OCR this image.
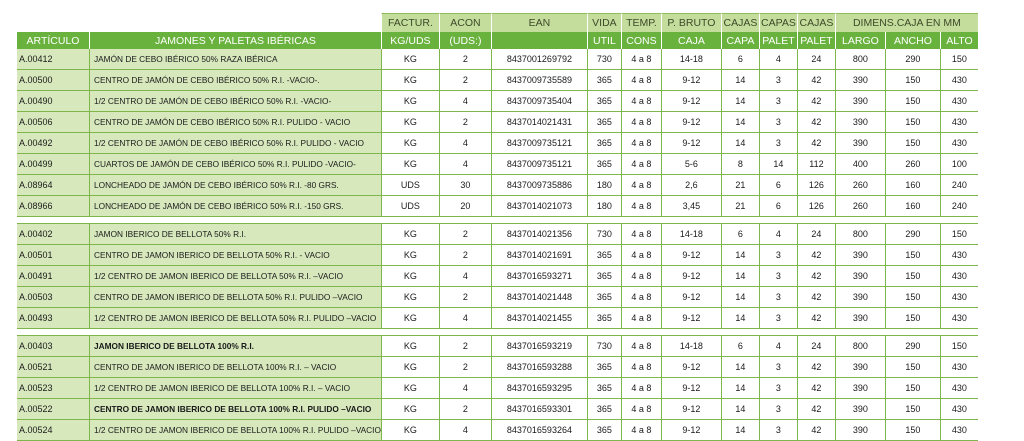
		FACTUR.	ACON	EAN	VIDA	TEMP.	P. BRUTO	CAJAS	CAPAS	CAJAS	DIMENS.CAJA EN MM		
ARTÍCULO	JAMONES Y PALETAS IBÉRICAS	KG/UDS	(UDS:)		UTIL	CONS	CAJA	CAPA	PALET	PALET	LARGO	ANCHO	ALTO
A.00412	JAMÓN DE CEBO IBÉRICO 50% RAZA IBÉRICA	KG	2	8437001269792	730	4 a 8	14-18	6	4	24	800	290	150
A.00500	CENTRO DE JAMÓN DE CEBO IBÉRICO 50% R.I. -VACIO-.	KG	2	8437009735589	365	4 a 8	9-12	14	3	42	390	150	430
A.00490	1/2 CENTRO DE JAMÓN DE CEBO IBÉRICO 50% R.I. -VACIO-	KG	4	8437009735404	365	4 a 8	9-12	14	3	42	390	150	430
A.00506	CENTRO DE JAMÓN DE CEBO IBÉRICO 50% R.I. PULIDO - VACIO	KG	2	8437014021431	365	4 a 8	9-12	14	3	42	390	150	430
A.00492	1/2 CENTRO DE JAMÓN DE CEBO IBÉRICO 50% R.I. PULIDO - VACIO	KG	4	8437009735121	365	4 a 8	9-12	14	3	42	390	150	430
A.00499	CUARTOS DE JAMÓN DE CEBO IBÉRICO 50% R.I. PULIDO -VACIO-	KG	4	8437009735121	365	4 a 8	5-6	8	14	112	400	260	100
A.08964	LONCHEADO DE JAMÓN DE CEBO IBÉRICO 50% R.I. -80 GRS.	UDS	30	8437009735886	180	4 a 8	2,6	21	6	126	260	160	240
A.08966	LONCHEADO DE JAMÓN DE CEBO IBÉRICO 50% R.I. -150 GRS.	UDS	20	8437014021073	180	4 a 8	3,45	21	6	126	260	160	240

A.00402	JAMON IBERICO DE BELLOTA 50% R.I.	KG	2	8437014021356	730	4 a 8	14-18	6	4	24	800	290	150
A.00501	CENTRO DE JAMON IBERICO DE BELLOTA 50% R.I. - VACIO	KG	2	8437014021691	365	4 a 8	9-12	14	3	42	390	150	430
A.00491	1/2 CENTRO DE JAMON IBERICO DE BELLOTA 50% R.I. –VACIO	KG	4	8437016593271	365	4 a 8	9-12	14	3	42	390	150	430
A.00503	CENTRO DE JAMON IBERICO DE BELLOTA 50% R.I. PULIDO –VACIO	KG	2	8437014021448	365	4 a 8	9-12	14	3	42	390	150	430
A.00493	1/2 CENTRO DE JAMON IBERICO DE BELLOTA 50% R.I. PULIDO –VACIO	KG	4	8437014021455	365	4 a 8	9-12	14	3	42	390	150	430

A.00403	JAMON IBERICO DE BELLOTA 100% R.I.	KG	2	8437016593219	730	4 a 8	14-18	6	4	24	800	290	150
A.00521	CENTRO DE JAMON IBERICO DE BELLOTA 100% R.I. – VACIO	KG	2	8437016593288	365	4 a 8	9-12	14	3	42	390	150	430
A.00523	1/2 CENTRO DE JAMON IBERICO DE BELLOTA 100% R.I. – VACIO	KG	4	8437016593295	365	4 a 8	9-12	14	3	42	390	150	430
A.00522	CENTRO DE JAMON IBERICO DE BELLOTA 100% R.I. PULIDO –VACIO	KG	2	8437016593301	365	4 a 8	9-12	14	3	42	390	150	430
A.00524	1/2 CENTRO DE JAMON IBERICO DE BELLOTA 100% R.I. PULIDO –VACIO	KG	4	8437016593264	365	4 a 8	9-12	14	3	42	390	150	430
